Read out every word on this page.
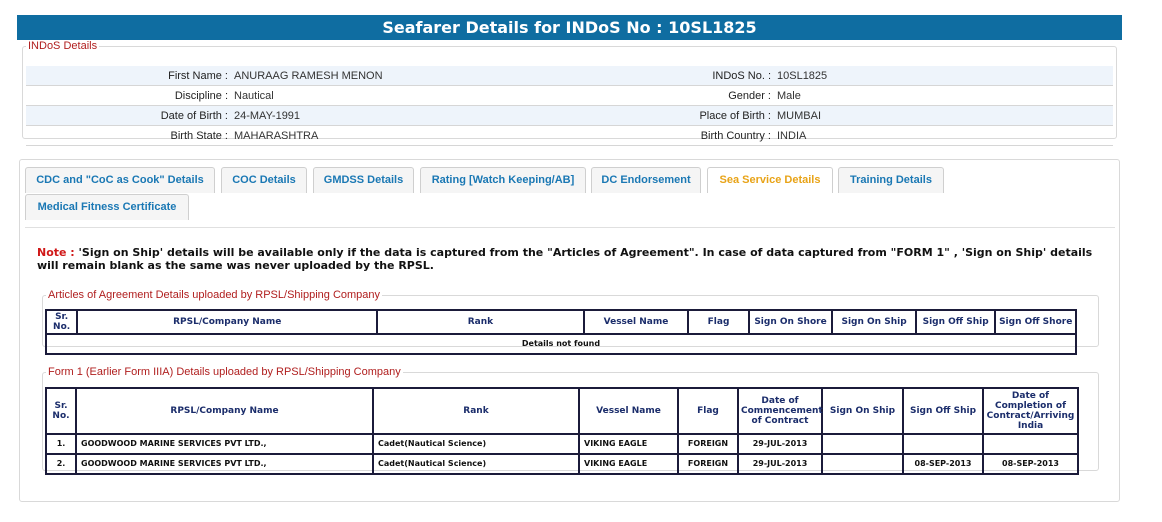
Seafarer Details for INDoS No : 10SL1825
INDoS Details
First Name : ANURAAG RAMESH MENON	INDoS No. : 10SL1825
Discipline : Nautical	Gender : Male
Date of Birth : 24-MAY-1991	Place of Birth : MUMBAI
Birth State : MAHARASHTRA	Birth Country : INDIA
CDC and "CoC as Cook" Details	COC Details	GMDSS Details	Rating [Watch Keeping/AB]	DC Endorsement	Sea Service Details	Training Details
Medical Fitness Certificate
Note : 'Sign on Ship' details will be available only if the data is captured from the "Articles of Agreement". In case of data captured from "FORM 1" , 'Sign on Ship' details will remain blank as the same was never uploaded by the RPSL.
Articles of Agreement Details uploaded by RPSL/Shipping Company
Sr. No.	RPSL/Company Name	Rank	Vessel Name	Flag	Sign On Shore	Sign On Ship	Sign Off Ship	Sign Off Shore
Details not found
Form 1 (Earlier Form IIIA) Details uploaded by RPSL/Shipping Company
Sr. No.	RPSL/Company Name	Rank	Vessel Name	Flag	Date of Commencement of Contract	Sign On Ship	Sign Off Ship	Date of Completion of Contract/Arriving India
1.	GOODWOOD MARINE SERVICES PVT LTD.,	Cadet(Nautical Science)	VIKING EAGLE	FOREIGN	29-JUL-2013			
2.	GOODWOOD MARINE SERVICES PVT LTD.,	Cadet(Nautical Science)	VIKING EAGLE	FOREIGN	29-JUL-2013		08-SEP-2013	08-SEP-2013
